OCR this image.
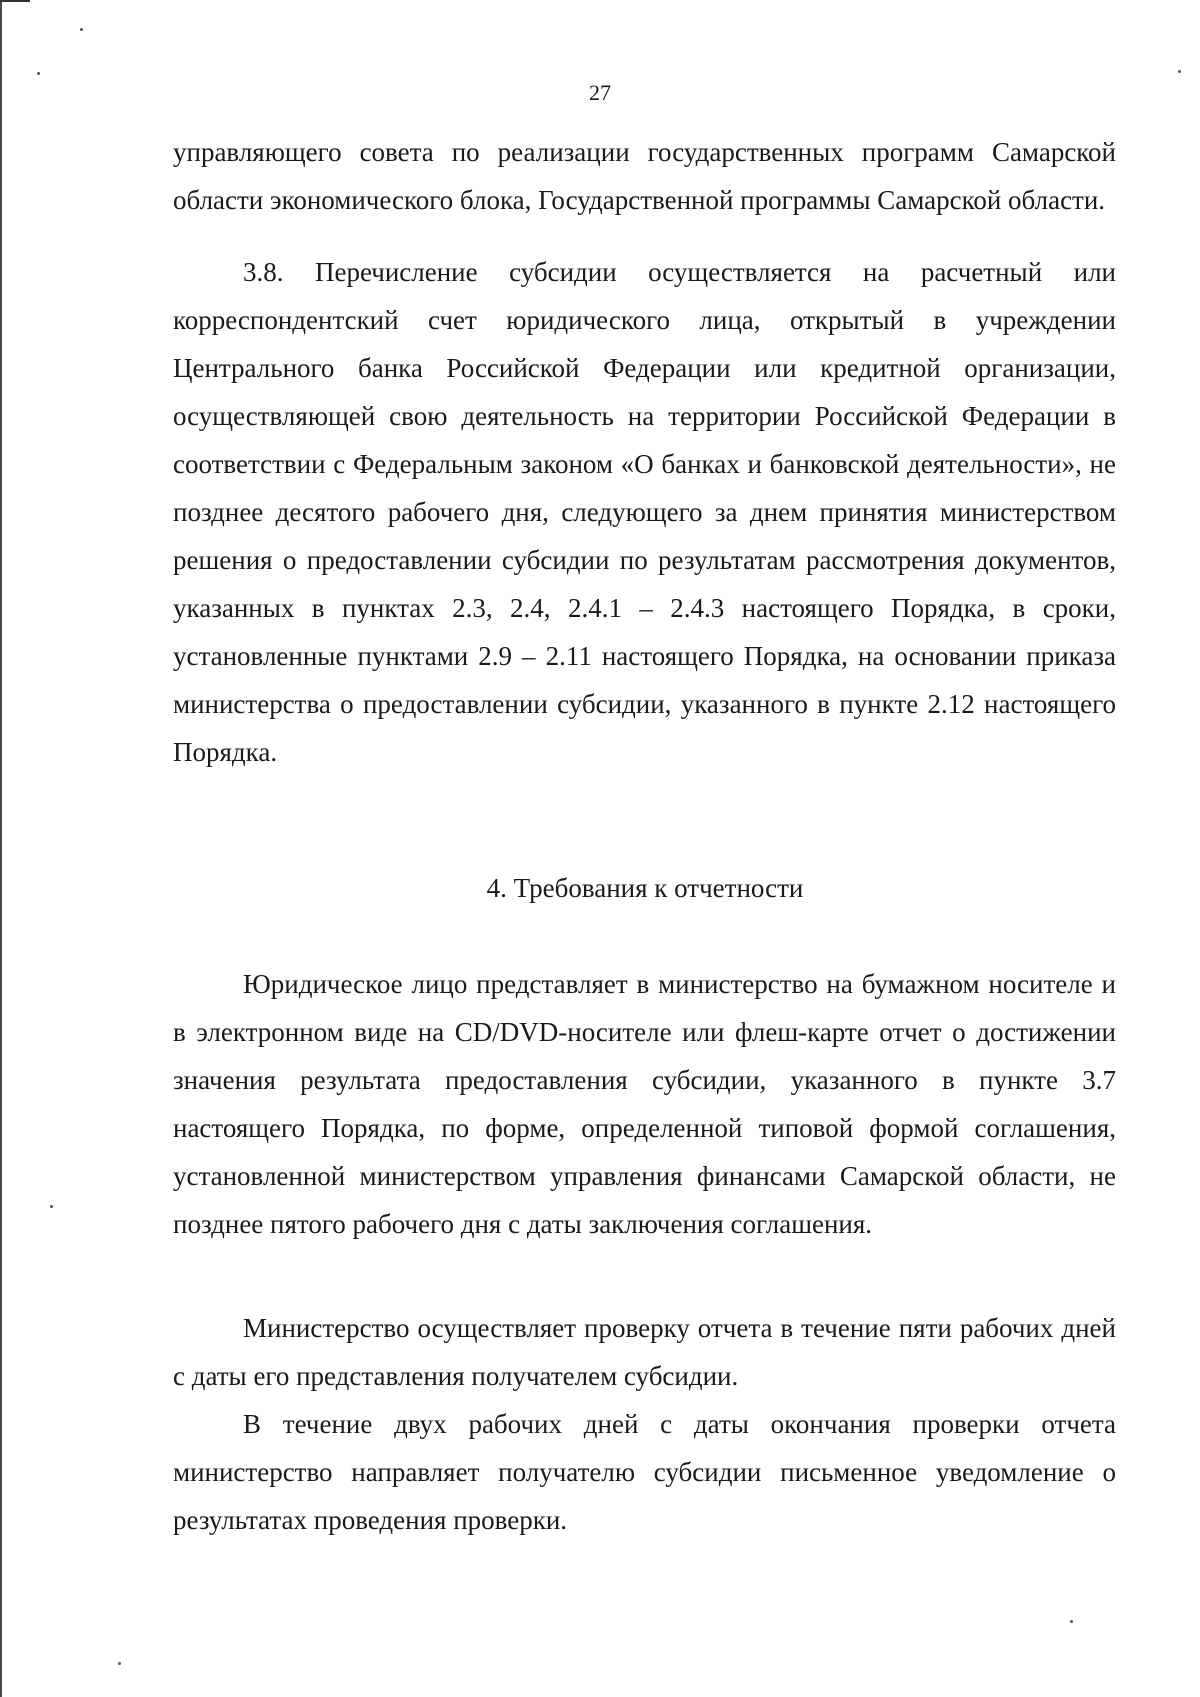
27

управляющего совета по реализации государственных программ Самарской области экономического блока, Государственной программы Самарской области.

3.8. Перечисление субсидии осуществляется на расчетный или корреспондентский счет юридического лица, открытый в учреждении Центрального банка Российской Федерации или кредитной организации, осуществляющей свою деятельность на территории Российской Федерации в соответствии с Федеральным законом «О банках и банковской деятельности», не позднее десятого рабочего дня, следующего за днем принятия министерством решения о предоставлении субсидии по результатам рассмотрения документов, указанных в пунктах 2.3, 2.4, 2.4.1 – 2.4.3 настоящего Порядка, в сроки, установленные пунктами 2.9 – 2.11 настоящего Порядка, на основании приказа министерства о предоставлении субсидии, указанного в пункте 2.12 настоящего Порядка.

4. Требования к отчетности

Юридическое лицо представляет в министерство на бумажном носителе и в электронном виде на CD/DVD-носителе или флеш-карте отчет о достижении значения результата предоставления субсидии, указанного в пункте 3.7 настоящего Порядка, по форме, определенной типовой формой соглашения, установленной министерством управления финансами Самарской области, не позднее пятого рабочего дня с даты заключения соглашения.

Министерство осуществляет проверку отчета в течение пяти рабочих дней с даты его представления получателем субсидии.

В течение двух рабочих дней с даты окончания проверки отчета министерство направляет получателю субсидии письменное уведомление о результатах проведения проверки.
